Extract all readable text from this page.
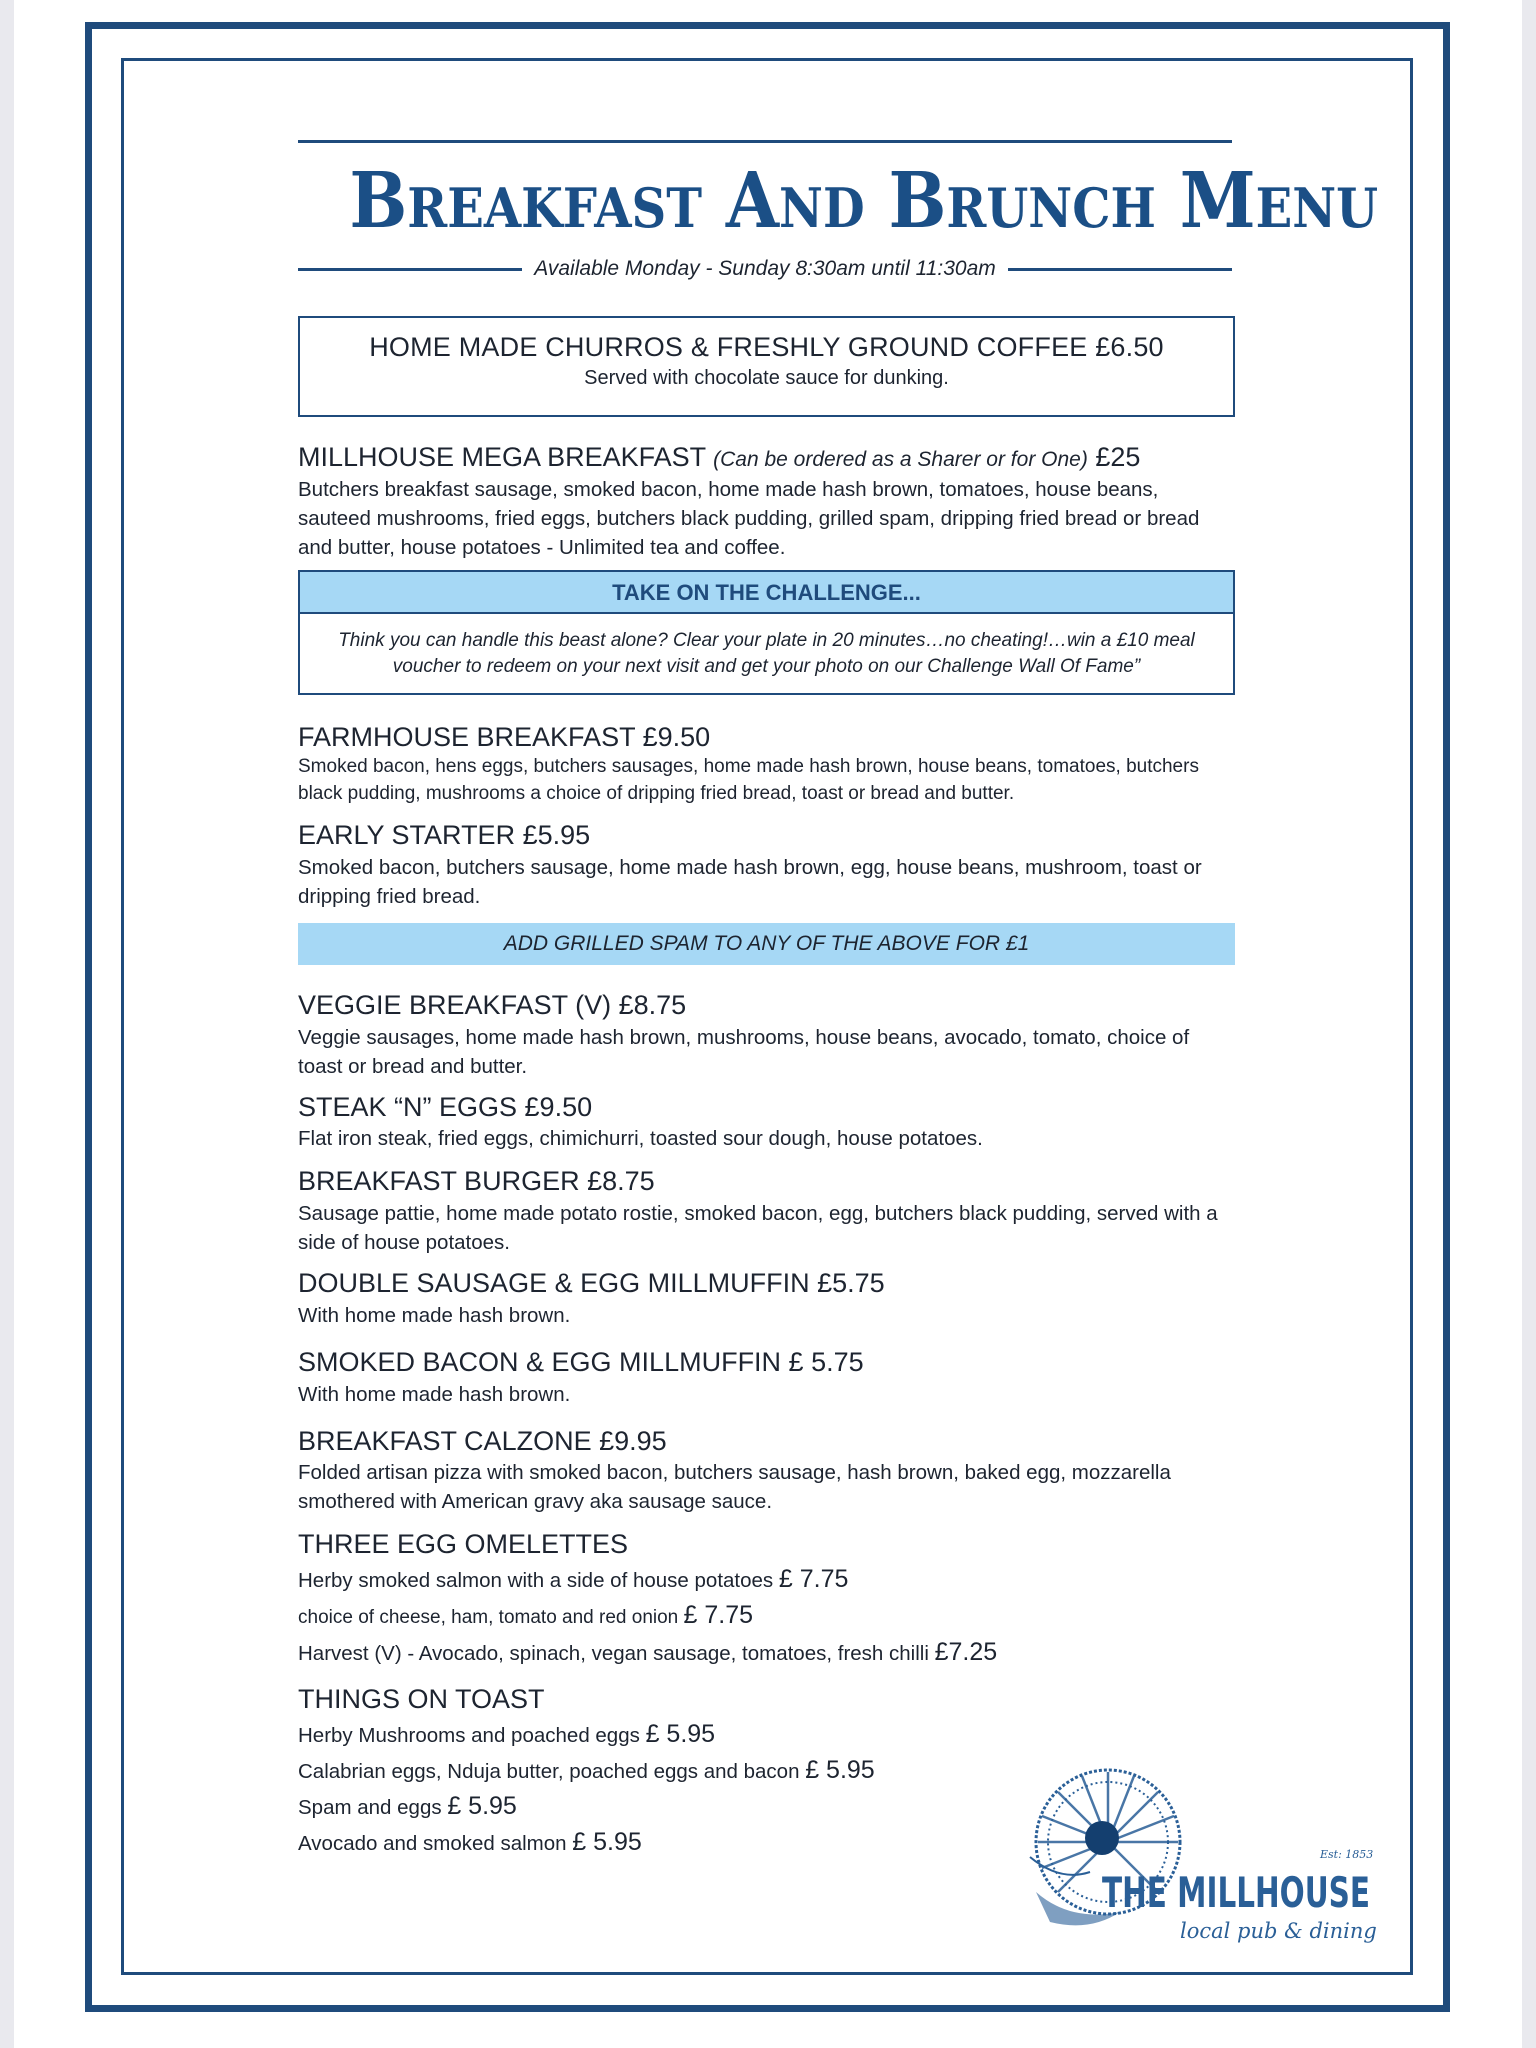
Breakfast And Brunch Menu
Available Monday - Sunday 8:30am until 11:30am
HOME MADE CHURROS & FRESHLY GROUND COFFEE £6.50
Served with chocolate sauce for dunking.
MILLHOUSE MEGA BREAKFAST (Can be ordered as a Sharer or for One) £25
Butchers breakfast sausage, smoked bacon, home made hash brown, tomatoes, house beans, sauteed mushrooms, fried eggs, butchers black pudding, grilled spam, dripping fried bread or bread and butter, house potatoes - Unlimited tea and coffee.
TAKE ON THE CHALLENGE...
Think you can handle this beast alone? Clear your plate in 20 minutes…no cheating!…win a £10 meal voucher to redeem on your next visit and get your photo on our Challenge Wall Of Fame”
FARMHOUSE BREAKFAST £9.50
Smoked bacon, hens eggs, butchers sausages, home made hash brown, house beans, tomatoes, butchers black pudding, mushrooms a choice of dripping fried bread, toast or bread and butter.
EARLY STARTER £5.95
Smoked bacon, butchers sausage, home made hash brown, egg, house beans, mushroom, toast or dripping fried bread.
ADD GRILLED SPAM TO ANY OF THE ABOVE FOR £1
VEGGIE BREAKFAST (V) £8.75
Veggie sausages, home made hash brown, mushrooms, house beans, avocado, tomato, choice of toast or bread and butter.
STEAK “N” EGGS £9.50
Flat iron steak, fried eggs, chimichurri, toasted sour dough, house potatoes.
BREAKFAST BURGER £8.75
Sausage pattie, home made potato rostie, smoked bacon, egg, butchers black pudding, served with a side of house potatoes.
DOUBLE SAUSAGE & EGG MILLMUFFIN £5.75
With home made hash brown.
SMOKED BACON & EGG MILLMUFFIN £ 5.75
With home made hash brown.
BREAKFAST CALZONE £9.95
Folded artisan pizza with smoked bacon, butchers sausage, hash brown, baked egg, mozzarella smothered with American gravy aka sausage sauce.
THREE EGG OMELETTES
Herby smoked salmon with a side of house potatoes £ 7.75
choice of cheese, ham, tomato and red onion £ 7.75
Harvest (V) - Avocado, spinach, vegan sausage, tomatoes, fresh chilli £7.25
THINGS ON TOAST
Herby Mushrooms and poached eggs £ 5.95
Calabrian eggs, Nduja butter, poached eggs and bacon £ 5.95
Spam and eggs £ 5.95
Avocado and smoked salmon £ 5.95	Est: 1853
THE MILLHOUSE
local pub & dining
